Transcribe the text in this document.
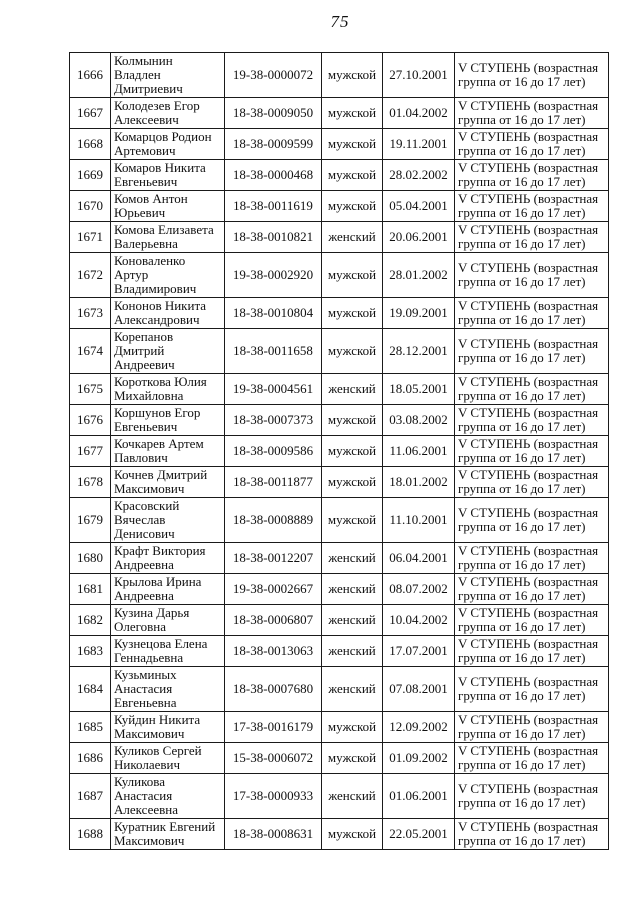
75
1666	Колмынин Владлен Дмитриевич	19-38-0000072	мужской	27.10.2001	V СТУПЕНЬ (возрастная группа от 16 до 17 лет)
1667	Колодезев Егор Алексеевич	18-38-0009050	мужской	01.04.2002	V СТУПЕНЬ (возрастная группа от 16 до 17 лет)
1668	Комарцов Родион Артемович	18-38-0009599	мужской	19.11.2001	V СТУПЕНЬ (возрастная группа от 16 до 17 лет)
1669	Комаров Никита Евгеньевич	18-38-0000468	мужской	28.02.2002	V СТУПЕНЬ (возрастная группа от 16 до 17 лет)
1670	Комов Антон Юрьевич	18-38-0011619	мужской	05.04.2001	V СТУПЕНЬ (возрастная группа от 16 до 17 лет)
1671	Комова Елизавета Валерьевна	18-38-0010821	женский	20.06.2001	V СТУПЕНЬ (возрастная группа от 16 до 17 лет)
1672	Коноваленко Артур Владимирович	19-38-0002920	мужской	28.01.2002	V СТУПЕНЬ (возрастная группа от 16 до 17 лет)
1673	Кононов Никита Александрович	18-38-0010804	мужской	19.09.2001	V СТУПЕНЬ (возрастная группа от 16 до 17 лет)
1674	Корепанов Дмитрий Андреевич	18-38-0011658	мужской	28.12.2001	V СТУПЕНЬ (возрастная группа от 16 до 17 лет)
1675	Короткова Юлия Михайловна	19-38-0004561	женский	18.05.2001	V СТУПЕНЬ (возрастная группа от 16 до 17 лет)
1676	Коршунов Егор Евгеньевич	18-38-0007373	мужской	03.08.2002	V СТУПЕНЬ (возрастная группа от 16 до 17 лет)
1677	Кочкарев Артем Павлович	18-38-0009586	мужской	11.06.2001	V СТУПЕНЬ (возрастная группа от 16 до 17 лет)
1678	Кочнев Дмитрий Максимович	18-38-0011877	мужской	18.01.2002	V СТУПЕНЬ (возрастная группа от 16 до 17 лет)
1679	Красовский Вячеслав Денисович	18-38-0008889	мужской	11.10.2001	V СТУПЕНЬ (возрастная группа от 16 до 17 лет)
1680	Крафт Виктория Андреевна	18-38-0012207	женский	06.04.2001	V СТУПЕНЬ (возрастная группа от 16 до 17 лет)
1681	Крылова Ирина Андреевна	19-38-0002667	женский	08.07.2002	V СТУПЕНЬ (возрастная группа от 16 до 17 лет)
1682	Кузина Дарья Олеговна	18-38-0006807	женский	10.04.2002	V СТУПЕНЬ (возрастная группа от 16 до 17 лет)
1683	Кузнецова Елена Геннадьевна	18-38-0013063	женский	17.07.2001	V СТУПЕНЬ (возрастная группа от 16 до 17 лет)
1684	Кузьминых Анастасия Евгеньевна	18-38-0007680	женский	07.08.2001	V СТУПЕНЬ (возрастная группа от 16 до 17 лет)
1685	Куйдин Никита Максимович	17-38-0016179	мужской	12.09.2002	V СТУПЕНЬ (возрастная группа от 16 до 17 лет)
1686	Куликов Сергей Николаевич	15-38-0006072	мужской	01.09.2002	V СТУПЕНЬ (возрастная группа от 16 до 17 лет)
1687	Куликова Анастасия Алексеевна	17-38-0000933	женский	01.06.2001	V СТУПЕНЬ (возрастная группа от 16 до 17 лет)
1688	Куратник Евгений Максимович	18-38-0008631	мужской	22.05.2001	V СТУПЕНЬ (возрастная группа от 16 до 17 лет)
